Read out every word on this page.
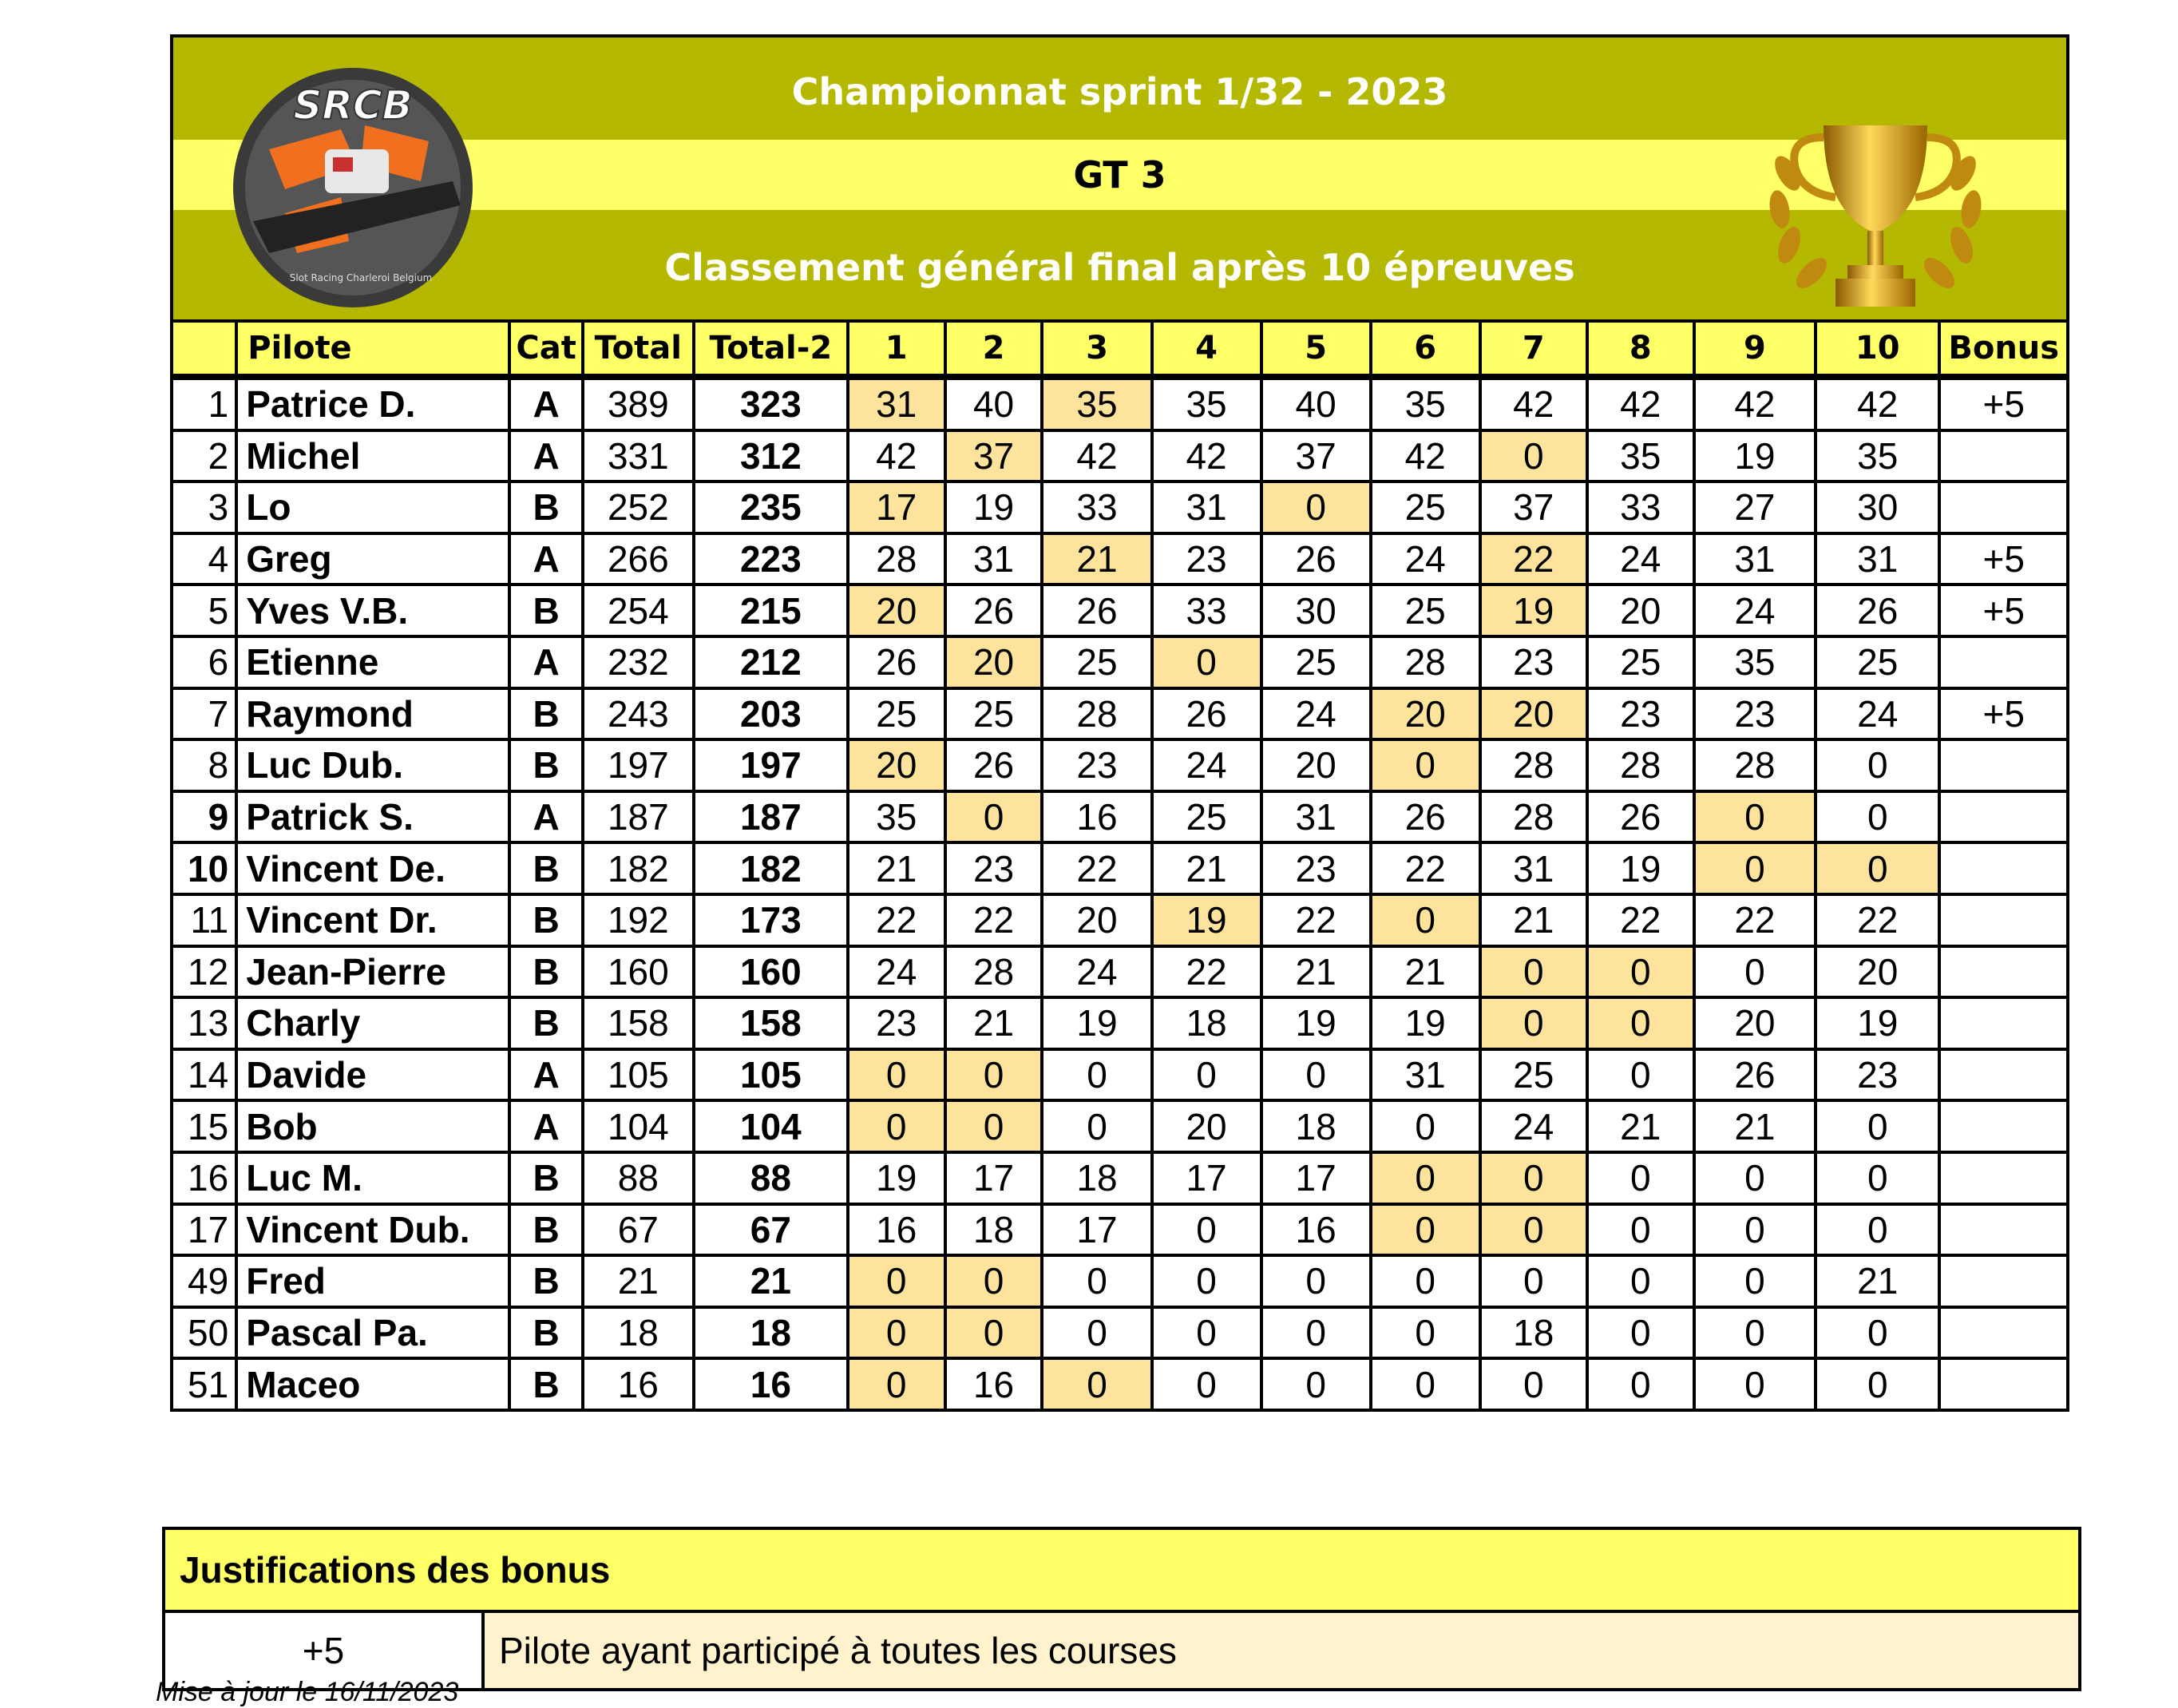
Championnat sprint 1/32 - 2023
GT 3
Classement général final après 10 épreuves
SRCB
Slot Racing Charleroi Belgium
	Pilote	Cat	Total	Total-2	1	2	3	4	5	6	7	8	9	10	Bonus
1	Patrice D.	A	389	323	31	40	35	35	40	35	42	42	42	42	+5
2	Michel	A	331	312	42	37	42	42	37	42	0	35	19	35	
3	Lo	B	252	235	17	19	33	31	0	25	37	33	27	30	
4	Greg	A	266	223	28	31	21	23	26	24	22	24	31	31	+5
5	Yves V.B.	B	254	215	20	26	26	33	30	25	19	20	24	26	+5
6	Etienne	A	232	212	26	20	25	0	25	28	23	25	35	25	
7	Raymond	B	243	203	25	25	28	26	24	20	20	23	23	24	+5
8	Luc Dub.	B	197	197	20	26	23	24	20	0	28	28	28	0	
9	Patrick S.	A	187	187	35	0	16	25	31	26	28	26	0	0	
10	Vincent De.	B	182	182	21	23	22	21	23	22	31	19	0	0	
11	Vincent Dr.	B	192	173	22	22	20	19	22	0	21	22	22	22	
12	Jean-Pierre	B	160	160	24	28	24	22	21	21	0	0	0	20	
13	Charly	B	158	158	23	21	19	18	19	19	0	0	20	19	
14	Davide	A	105	105	0	0	0	0	0	31	25	0	26	23	
15	Bob	A	104	104	0	0	0	20	18	0	24	21	21	0	
16	Luc M.	B	88	88	19	17	18	17	17	0	0	0	0	0	
17	Vincent Dub.	B	67	67	16	18	17	0	16	0	0	0	0	0	
49	Fred	B	21	21	0	0	0	0	0	0	0	0	0	21	
50	Pascal Pa.	B	18	18	0	0	0	0	0	0	18	0	0	0	
51	Maceo	B	16	16	0	16	0	0	0	0	0	0	0	0	
Justifications des bonus
+5	Pilote ayant participé à toutes les courses
Mise à jour le 16/11/2023
